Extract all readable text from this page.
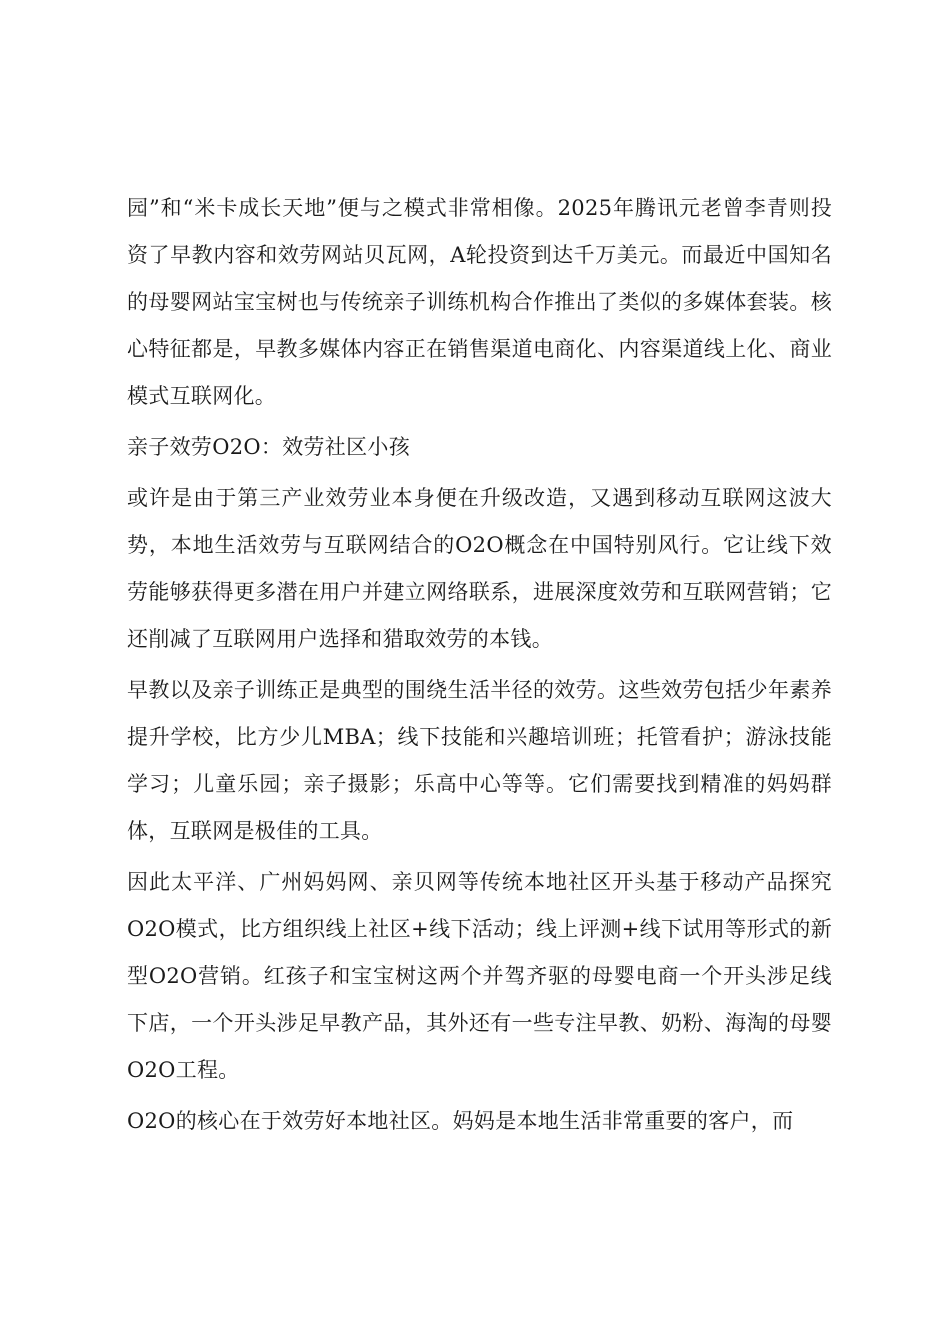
园”和“米卡成长天地”便与之模式非常相像。2025年腾讯元老曾李青则投资了早教内容和效劳网站贝瓦网，A轮投资到达千万美元。而最近中国知名的母婴网站宝宝树也与传统亲子训练机构合作推出了类似的多媒体套装。核心特征都是，早教多媒体内容正在销售渠道电商化、内容渠道线上化、商业模式互联网化。

亲子效劳O2O：效劳社区小孩

或许是由于第三产业效劳业本身便在升级改造，又遇到移动互联网这波大势，本地生活效劳与互联网结合的O2O概念在中国特别风行。它让线下效劳能够获得更多潜在用户并建立网络联系，进展深度效劳和互联网营销；它还削减了互联网用户选择和猎取效劳的本钱。

早教以及亲子训练正是典型的围绕生活半径的效劳。这些效劳包括少年素养提升学校，比方少儿MBA；线下技能和兴趣培训班；托管看护；游泳技能学习；儿童乐园；亲子摄影；乐高中心等等。它们需要找到精准的妈妈群体，互联网是极佳的工具。

因此太平洋、广州妈妈网、亲贝网等传统本地社区开头基于移动产品探究O2O模式，比方组织线上社区+线下活动；线上评测+线下试用等形式的新型O2O营销。红孩子和宝宝树这两个并驾齐驱的母婴电商一个开头涉足线下店，一个开头涉足早教产品，其外还有一些专注早教、奶粉、海淘的母婴O2O工程。

O2O的核心在于效劳好本地社区。妈妈是本地生活非常重要的客户，而
